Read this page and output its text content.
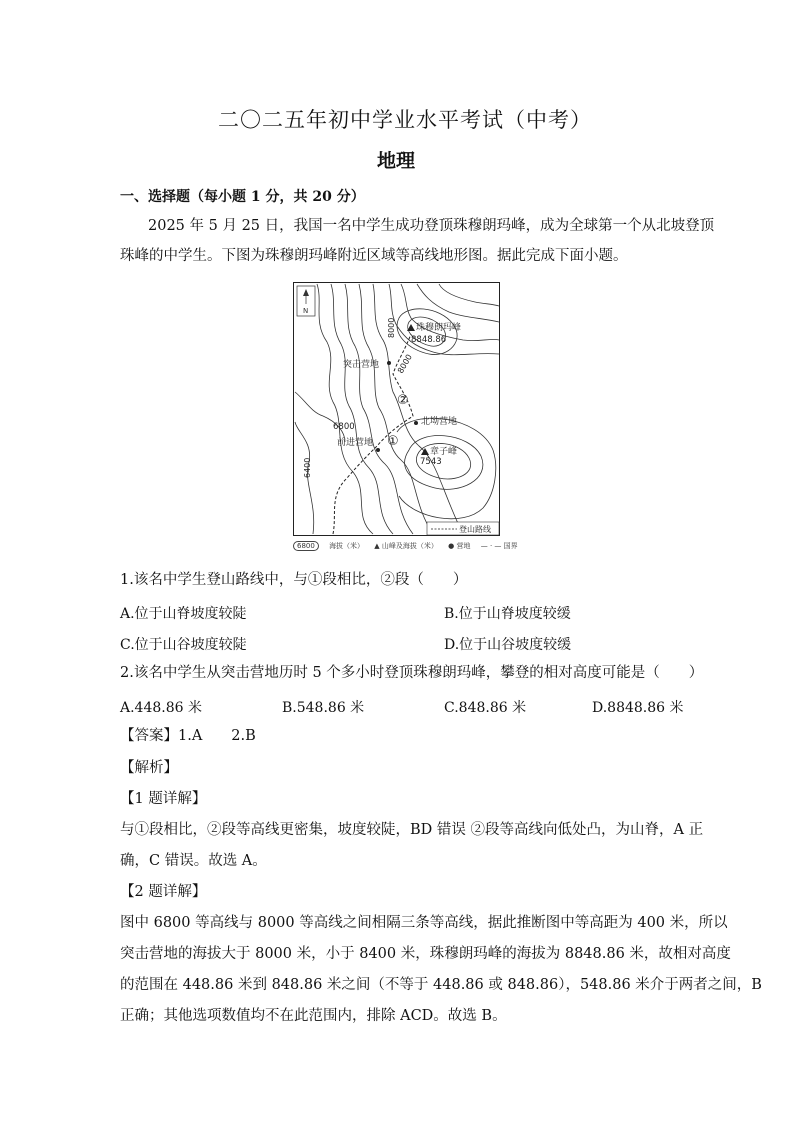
二〇二五年初中学业水平考试（中考）
地理
一、选择题（每小题 1 分，共 20 分）
2025 年 5 月 25 日，我国一名中学生成功登顶珠穆朗玛峰，成为全球第一个从北坡登顶
珠峰的中学生。下图为珠穆朗玛峰附近区域等高线地形图。据此完成下面小题。
N
珠穆朗玛峰
8848.86
章子峰
7543
8000
8000
6800
6400
突击营地
北坳营地
前进营地
②
①
登山路线
6800 海拔（米） ▲ 山峰及海拔（米） ● 营地 — · — 国界
1.该名中学生登山路线中，与①段相比，②段（　　）
A.位于山脊坡度较陡	B.位于山脊坡度较缓
C.位于山谷坡度较陡	D.位于山谷坡度较缓
2.该名中学生从突击营地历时 5 个多小时登顶珠穆朗玛峰，攀登的相对高度可能是（　　）
A.448.86 米	B.548.86 米	C.848.86 米	D.8848.86 米
【答案】1.A　　2.B
【解析】
【1 题详解】
与①段相比，②段等高线更密集，坡度较陡，BD 错误 ②段等高线向低处凸，为山脊，A 正
确，C 错误。故选 A。
【2 题详解】
图中 6800 等高线与 8000 等高线之间相隔三条等高线，据此推断图中等高距为 400 米，所以
突击营地的海拔大于 8000 米，小于 8400 米，珠穆朗玛峰的海拔为 8848.86 米，故相对高度
的范围在 448.86 米到 848.86 米之间（不等于 448.86 或 848.86），548.86 米介于两者之间，B
正确；其他选项数值均不在此范围内，排除 ACD。故选 B。
